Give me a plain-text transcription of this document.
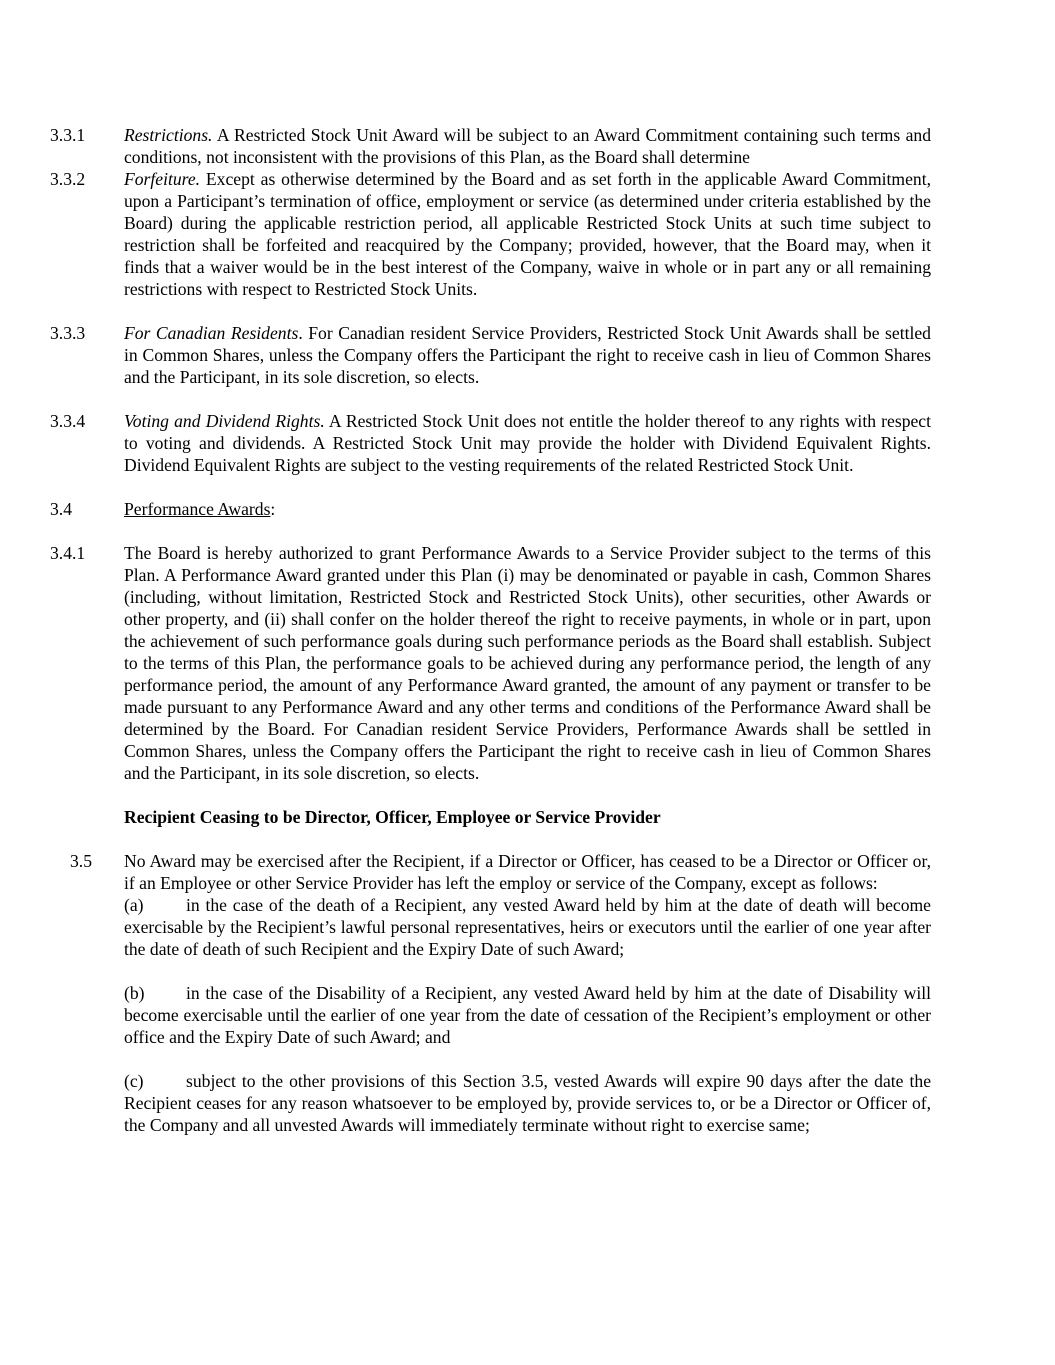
3.3.1 Restrictions. A Restricted Stock Unit Award will be subject to an Award Commitment containing such terms and conditions, not inconsistent with the provisions of this Plan, as the Board shall determine
3.3.2 Forfeiture. Except as otherwise determined by the Board and as set forth in the applicable Award Commitment, upon a Participant’s termination of office, employment or service (as determined under criteria established by the Board) during the applicable restriction period, all applicable Restricted Stock Units at such time subject to restriction shall be forfeited and reacquired by the Company; provided, however, that the Board may, when it finds that a waiver would be in the best interest of the Company, waive in whole or in part any or all remaining restrictions with respect to Restricted Stock Units.
3.3.3 For Canadian Residents. For Canadian resident Service Providers, Restricted Stock Unit Awards shall be settled in Common Shares, unless the Company offers the Participant the right to receive cash in lieu of Common Shares and the Participant, in its sole discretion, so elects.
3.3.4 Voting and Dividend Rights. A Restricted Stock Unit does not entitle the holder thereof to any rights with respect to voting and dividends. A Restricted Stock Unit may provide the holder with Dividend Equivalent Rights. Dividend Equivalent Rights are subject to the vesting requirements of the related Restricted Stock Unit.
3.4	Performance Awards:
3.4.1 The Board is hereby authorized to grant Performance Awards to a Service Provider subject to the terms of this Plan. A Performance Award granted under this Plan (i) may be denominated or payable in cash, Common Shares (including, without limitation, Restricted Stock and Restricted Stock Units), other securities, other Awards or other property, and (ii) shall confer on the holder thereof the right to receive payments, in whole or in part, upon the achievement of such performance goals during such performance periods as the Board shall establish. Subject to the terms of this Plan, the performance goals to be achieved during any performance period, the length of any performance period, the amount of any Performance Award granted, the amount of any payment or transfer to be made pursuant to any Performance Award and any other terms and conditions of the Performance Award shall be determined by the Board. For Canadian resident Service Providers, Performance Awards shall be settled in Common Shares, unless the Company offers the Participant the right to receive cash in lieu of Common Shares and the Participant, in its sole discretion, so elects.
Recipient Ceasing to be Director, Officer, Employee or Service Provider
3.5 No Award may be exercised after the Recipient, if a Director or Officer, has ceased to be a Director or Officer or, if an Employee or other Service Provider has left the employ or service of the Company, except as follows:
(a) in the case of the death of a Recipient, any vested Award held by him at the date of death will become exercisable by the Recipient’s lawful personal representatives, heirs or executors until the earlier of one year after the date of death of such Recipient and the Expiry Date of such Award;
(b) in the case of the Disability of a Recipient, any vested Award held by him at the date of Disability will become exercisable until the earlier of one year from the date of cessation of the Recipient’s employment or other office and the Expiry Date of such Award; and
(c) subject to the other provisions of this Section 3.5, vested Awards will expire 90 days after the date the Recipient ceases for any reason whatsoever to be employed by, provide services to, or be a Director or Officer of, the Company and all unvested Awards will immediately terminate without right to exercise same;
